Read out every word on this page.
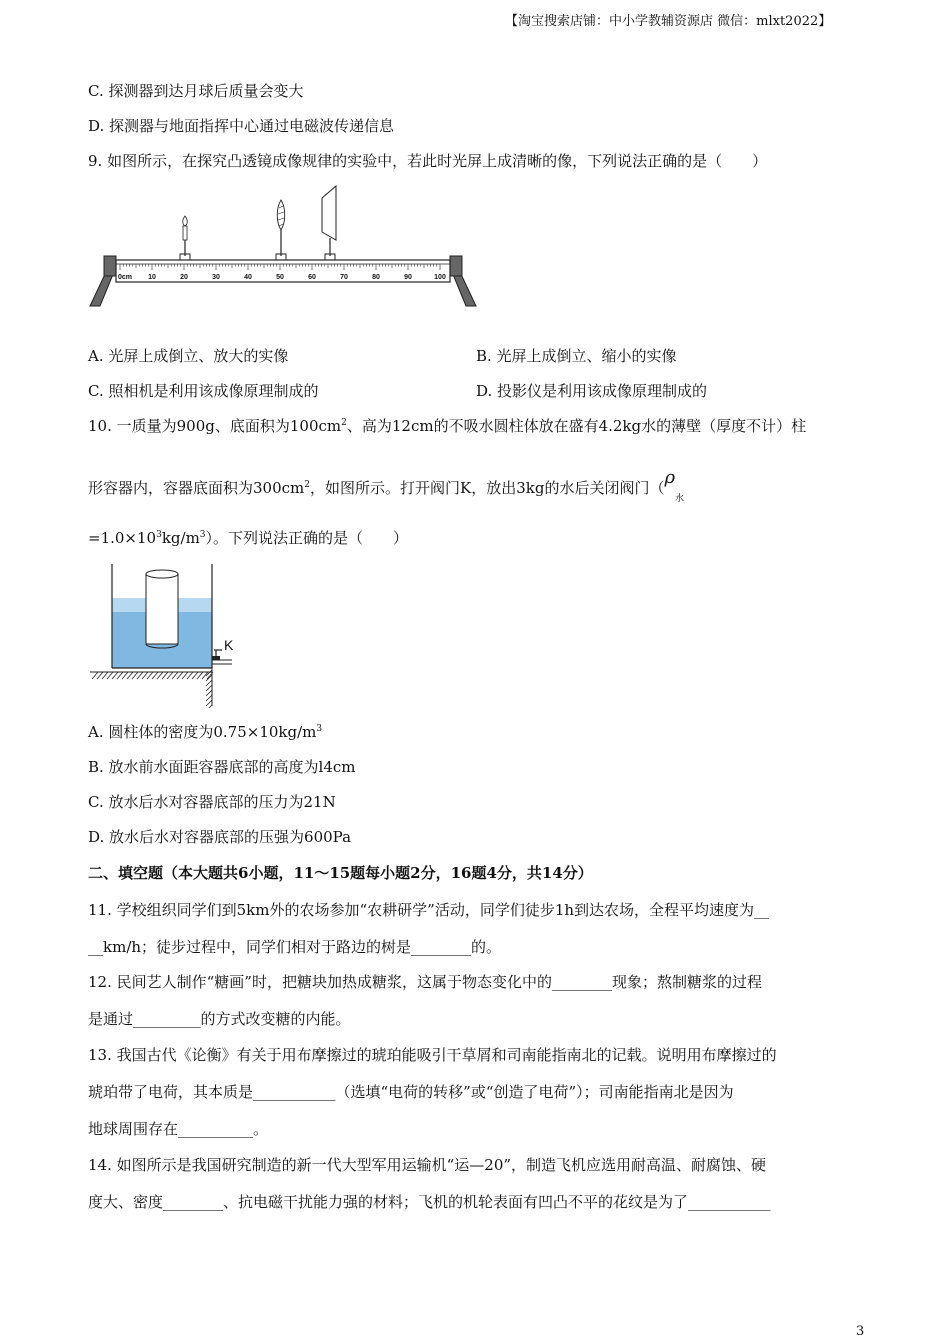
【淘宝搜索店铺：中小学教辅资源店 微信：mlxt2022】
C. 探测器到达月球后质量会变大
D. 探测器与地面指挥中心通过电磁波传递信息
9. 如图所示，在探究凸透镜成像规律的实验中，若此时光屏上成清晰的像，下列说法正确的是（　　）
0cm 10	20	30	40	50	60	70	80	90	100
A. 光屏上成倒立、放大的实像	B. 光屏上成倒立、缩小的实像
C. 照相机是利用该成像原理制成的	D. 投影仪是利用该成像原理制成的
10. 一质量为900g、底面积为$100cm^2$、高为12cm的不吸水圆柱体放在盛有4.2kg水的薄壁（厚度不计）柱
形容器内，容器底面积为$300cm^2$，如图所示。打开阀门K，放出3kg的水后关闭阀门（$\rho_水$
$=1.0\times 10^3kg/m^3$）。下列说法正确的是（　　）
K
A. 圆柱体的密度为$0.75\times 10kg/m^3$
B. 放水前水面距容器底部的高度为l4cm
C. 放水后水对容器底部的压力为21N
D. 放水后水对容器底部的压强为600Pa
二、填空题（本大题共6小题，11～15题每小题2分，16题4分，共14分）
11. 学校组织同学们到5km外的农场参加“农耕研学”活动，同学们徒步1h到达农场，全程平均速度为__
__km/h；徒步过程中，同学们相对于路边的树是________的。
12. 民间艺人制作“糖画”时，把糖块加热成糖浆，这属于物态变化中的________现象；熬制糖浆的过程
是通过_________的方式改变糖的内能。
13. 我国古代《论衡》有关于用布摩擦过的琥珀能吸引干草屑和司南能指南北的记载。说明用布摩擦过的
琥珀带了电荷，其本质是___________（选填“电荷的转移”或“创造了电荷”）；司南能指南北是因为
地球周围存在__________。
14. 如图所示是我国研究制造的新一代大型军用运输机“运—20”，制造飞机应选用耐高温、耐腐蚀、硬
度大、密度________、抗电磁干扰能力强的材料；飞机的机轮表面有凹凸不平的花纹是为了___________
3
